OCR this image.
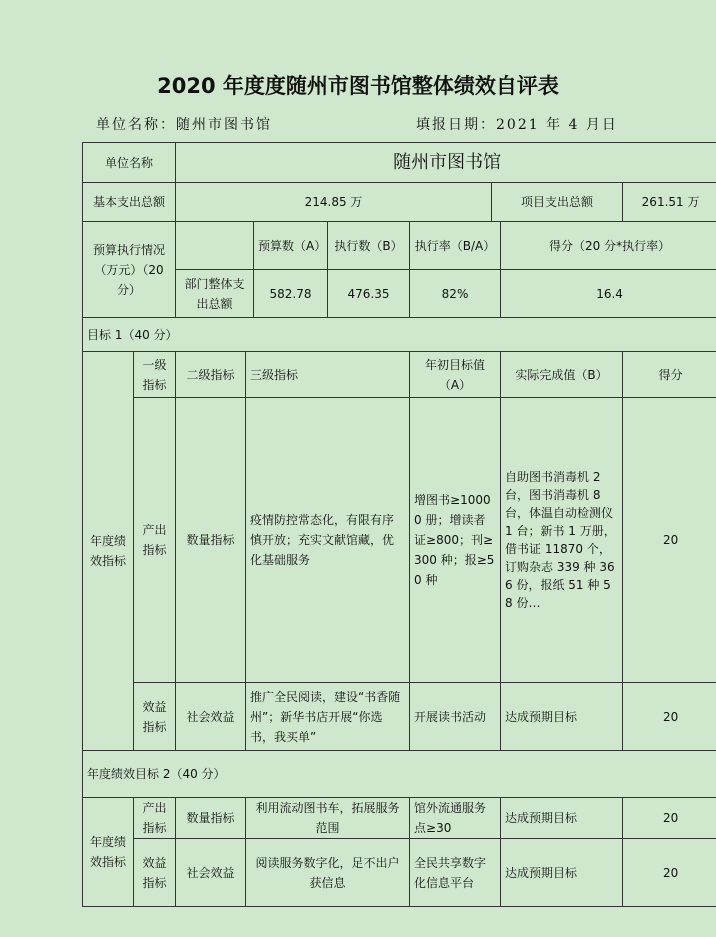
2020 年度度随州市图书馆整体绩效自评表
单位名称：随州市图书馆	填报日期：2021 年 4 月日
单位名称		随州市图书馆							
基本支出总额		214.85 万					项目支出总额		261.51 万
预算执行情况（万元）（20 分）				预算数（A）	执行数（B）	执行率（B/A）		得分（20 分*执行率）	
		部门整体支出总额		582.78	476.35	82%		16.4	
目标 1（40 分）									
年度绩效指标	一级指标	二级指标	三级指标			年初目标值（A）		实际完成值（B）	得分
	产出指标	数量指标	疫情防控常态化，有限有序慎开放；充实文献馆藏，优化基础服务			增图书≥10000 册；增读者证≥800；刊≥300 种；报≥50 种		自助图书消毒机 2 台，图书消毒机 8 台，体温自动检测仪 1 台；新书 1 万册，借书证 11870 个，订购杂志 339 种 366 份，报纸 51 种 58 份…	20
	效益指标	社会效益	推广全民阅读，建设“书香随州”；新华书店开展“你选书，我买单”			开展读书活动		达成预期目标	20
年度绩效目标 2（40 分）									
年度绩效指标	产出指标	数量指标	利用流动图书车，拓展服务范围			馆外流通服务点≥30		达成预期目标	20
	效益指标	社会效益	阅读服务数字化，足不出户获信息			全民共享数字化信息平台		达成预期目标	20
